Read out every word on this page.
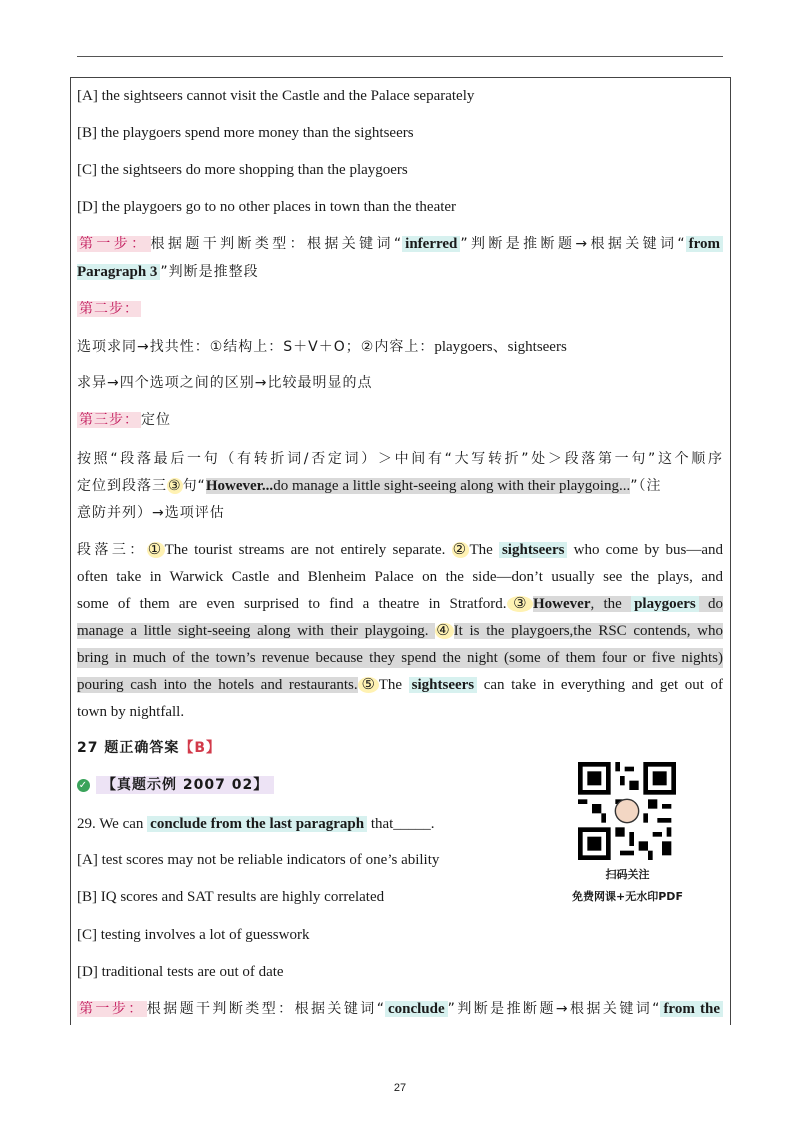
[A] the sightseers cannot visit the Castle and the Palace separately
[B] the playgoers spend more money than the sightseers
[C] the sightseers do more shopping than the playgoers
[D] the playgoers go to no other places in town than the theater
第一步： 根据题干判断类型：根据关键词“ inferred ”判断是推断题→根据关键词“ from
Paragraph 3 ”判断是推整段
第二步：
选项求同→找共性：①结构上：S＋V＋O；②内容上：playgoers、sightseers
求异→四个选项之间的区别→比较最明显的点
第三步： 定位
按照“段落最后一句（有转折词/否定词）＞中间有“大写转折”处＞段落第一句”这个顺序
定位到段落三③句“However...do manage a little sight-seeing along with their playgoing...”（注
意防并列）→选项评估
段落三：①The tourist streams are not entirely separate. ②The sightseers who come by bus—and
often take in Warwick Castle and Blenheim Palace on the side—don’t usually see the plays, and
some of them are even surprised to find a theatre in Stratford.③However, the playgoers do
manage a little sight-seeing along with their playgoing. ④It is the playgoers,the RSC contends, who
bring in much of the town’s revenue because they spend the night (some of them four or five nights)
pouring cash into the hotels and restaurants.⑤The sightseers can take in everything and get out of
town by nightfall.
27 题正确答案【B】
✓ 【真题示例 2007 02】
29. We can conclude from the last paragraph that_____.
[A] test scores may not be reliable indicators of one’s ability
[B] IQ scores and SAT results are highly correlated
[C] testing involves a lot of guesswork
[D] traditional tests are out of date
第一步： 根据题干判断类型：根据关键词“ conclude ”判断是推断题→根据关键词“ from the
扫码关注
免费网课+无水印PDF
27
